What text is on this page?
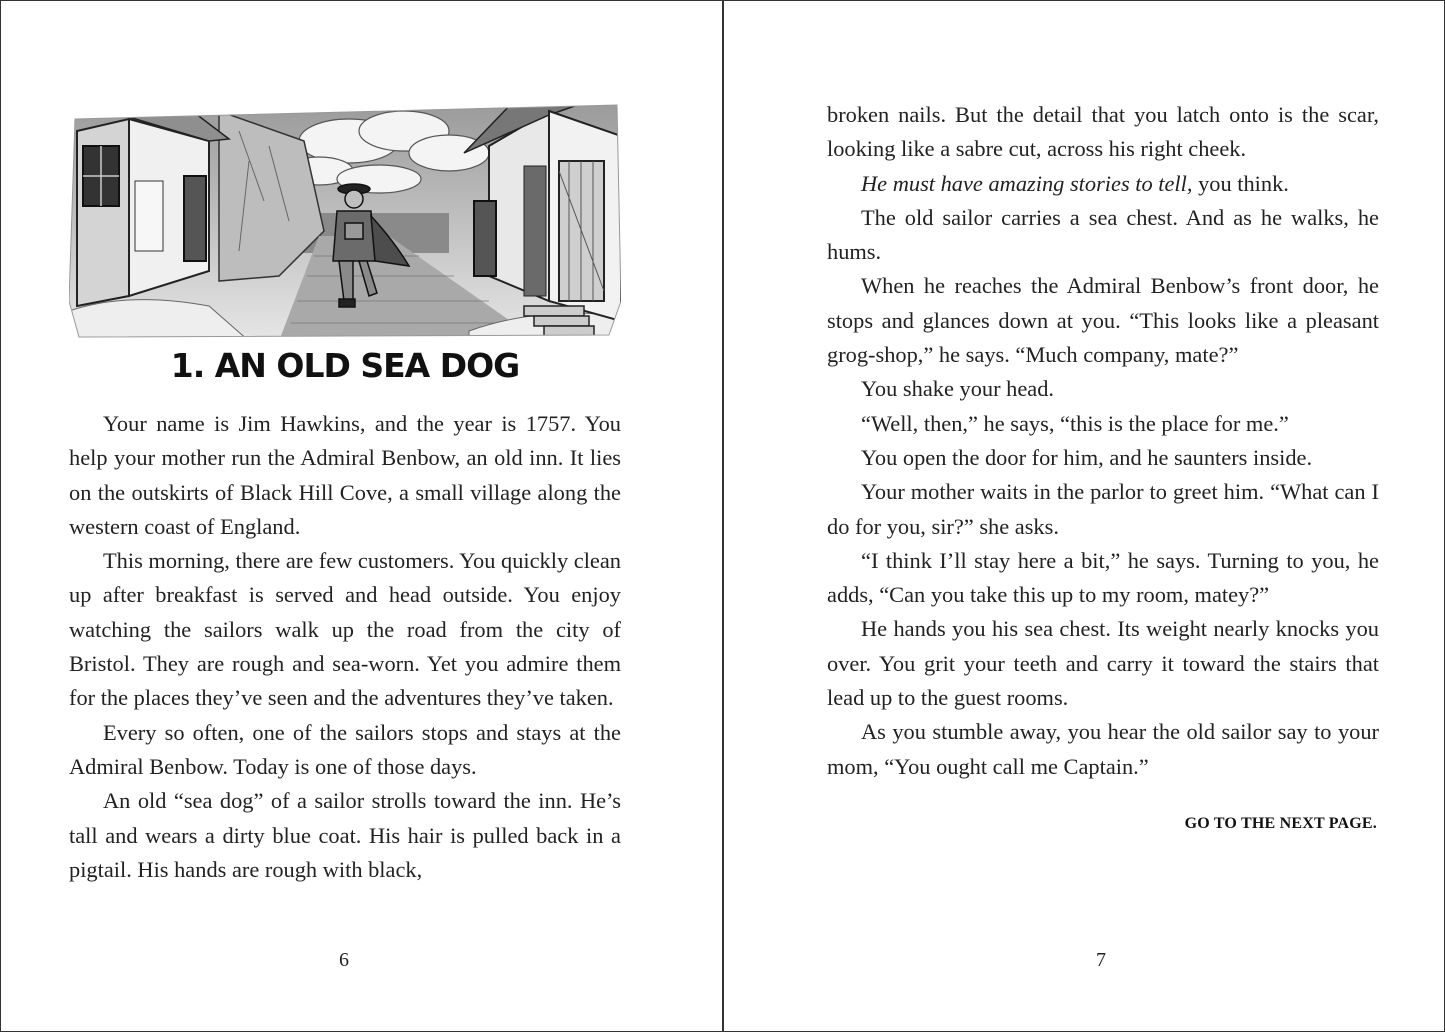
1. AN OLD SEA DOG

Your name is Jim Hawkins, and the year is 1757. You help your mother run the Admiral Benbow, an old inn. It lies on the outskirts of Black Hill Cove, a small village along the western coast of England.

This morning, there are few customers. You quickly clean up after breakfast is served and head outside. You enjoy watching the sailors walk up the road from the city of Bristol. They are rough and sea-worn. Yet you admire them for the places they’ve seen and the adventures they’ve taken.

Every so often, one of the sailors stops and stays at the Admiral Benbow. Today is one of those days.

An old “sea dog” of a sailor strolls toward the inn. He’s tall and wears a dirty blue coat. His hair is pulled back in a pigtail. His hands are rough with black,

6

broken nails. But the detail that you latch onto is the scar, looking like a sabre cut, across his right cheek.

He must have amazing stories to tell, you think.

The old sailor carries a sea chest. And as he walks, he hums.

When he reaches the Admiral Benbow’s front door, he stops and glances down at you. “This looks like a pleasant grog-shop,” he says. “Much company, mate?”

You shake your head.

“Well, then,” he says, “this is the place for me.”

You open the door for him, and he saunters inside.

Your mother waits in the parlor to greet him. “What can I do for you, sir?” she asks.

“I think I’ll stay here a bit,” he says. Turning to you, he adds, “Can you take this up to my room, matey?”

He hands you his sea chest. Its weight nearly knocks you over. You grit your teeth and carry it toward the stairs that lead up to the guest rooms.

As you stumble away, you hear the old sailor say to your mom, “You ought call me Captain.”

GO TO THE NEXT PAGE.
7
